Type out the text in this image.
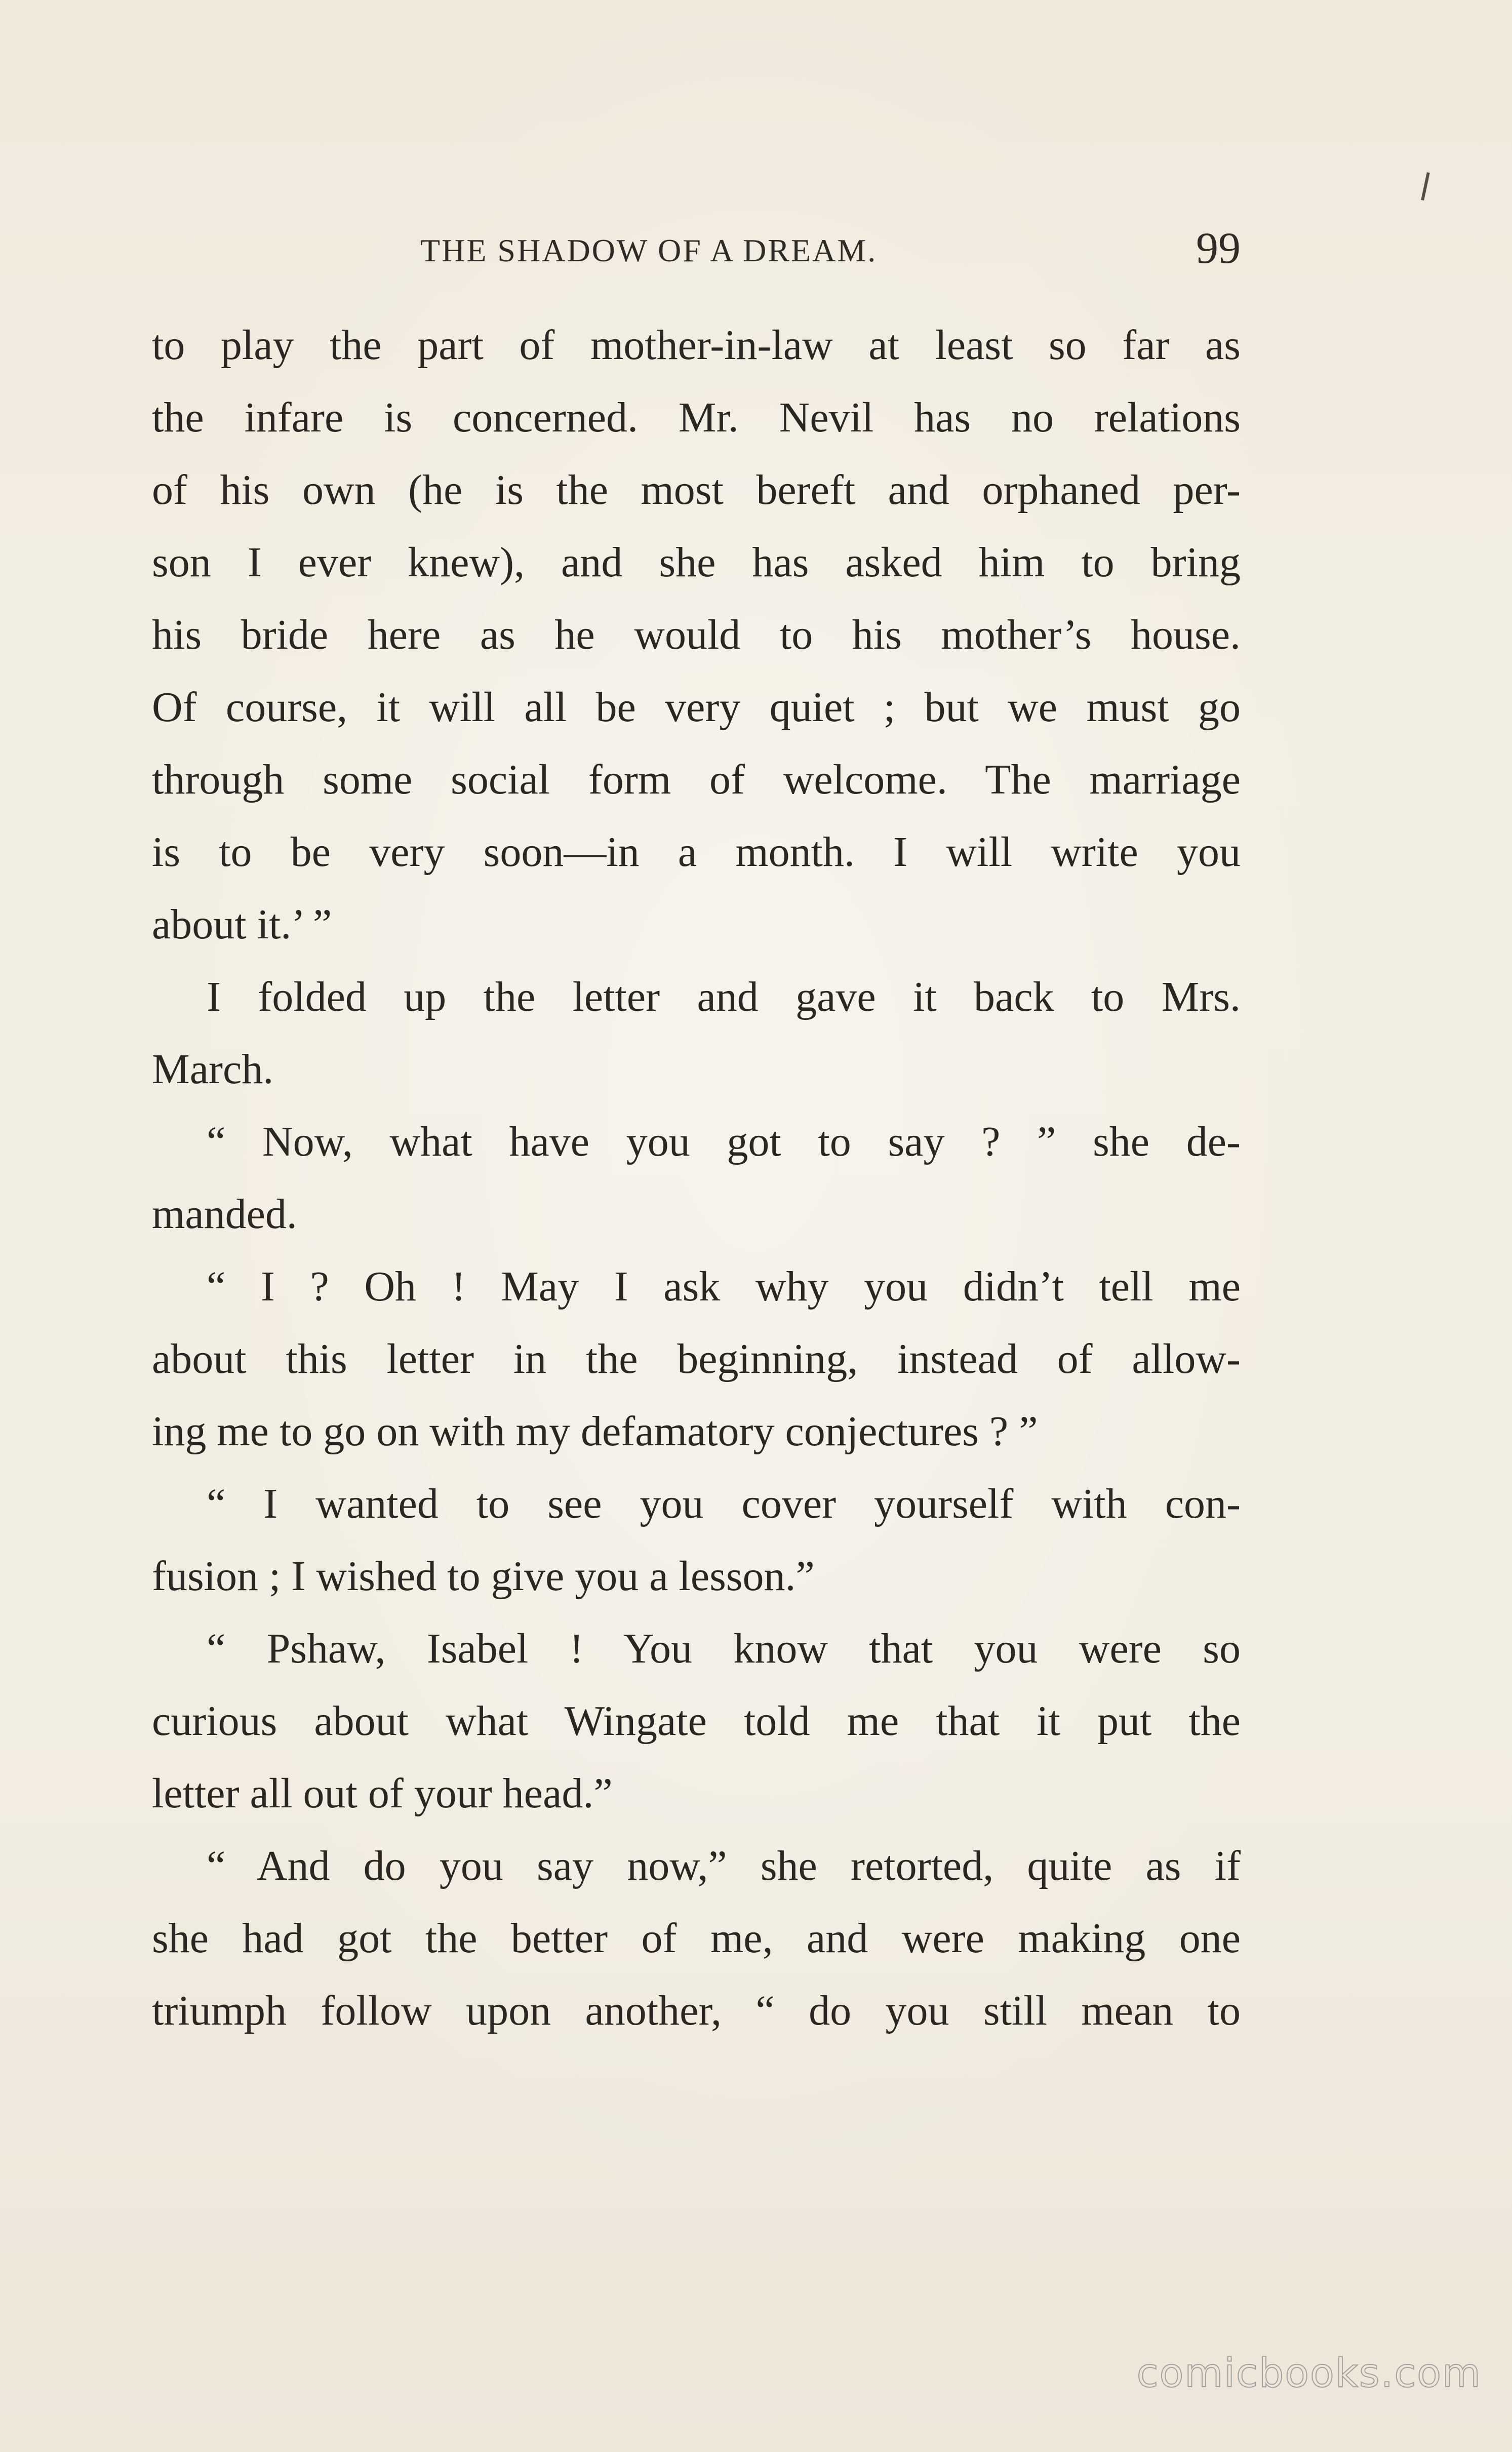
THE SHADOW OF A DREAM.	99
to play the part of mother-in-law at least so far as
the infare is concerned. Mr. Nevil has no relations
of his own (he is the most bereft and orphaned per-
son I ever knew), and she has asked him to bring
his bride here as he would to his mother’s house.
Of course, it will all be very quiet ; but we must go
through some social form of welcome. The marriage
is to be very soon—in a month. I will write you
about it.’ ”
I folded up the letter and gave it back to Mrs.
March.
“ Now, what have you got to say ? ” she de-
manded.
“ I ? Oh ! May I ask why you didn’t tell me
about this letter in the beginning, instead of allow-
ing me to go on with my defamatory conjectures ? ”
“ I wanted to see you cover yourself with con-
fusion ; I wished to give you a lesson.”
“ Pshaw, Isabel ! You know that you were so
curious about what Wingate told me that it put the
letter all out of your head.”
“ And do you say now,” she retorted, quite as if
she had got the better of me, and were making one
triumph follow upon another, “ do you still mean to
comicbooks.com
